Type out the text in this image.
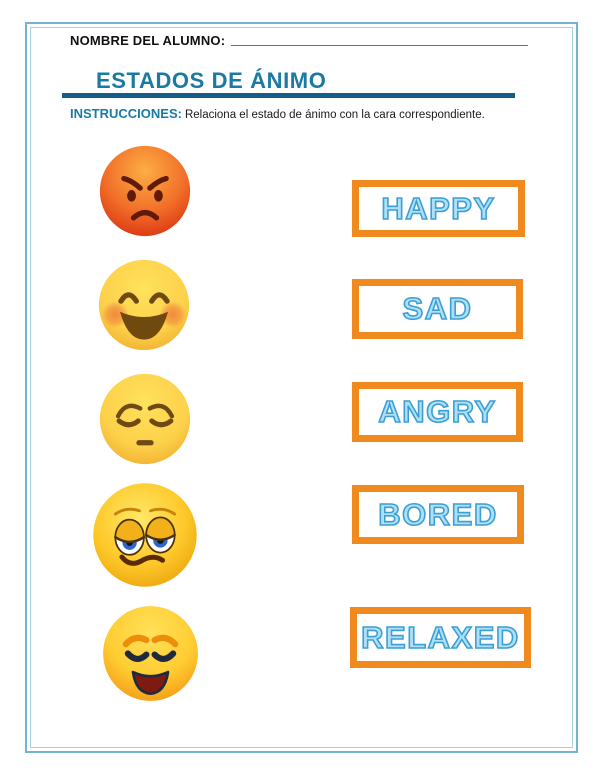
NOMBRE DEL ALUMNO:
ESTADOS DE ÁNIMO

INSTRUCCIONES: Relaciona el estado de ánimo con la cara correspondiente.

HAPPY
SAD
ANGRY
BORED
RELAXED
